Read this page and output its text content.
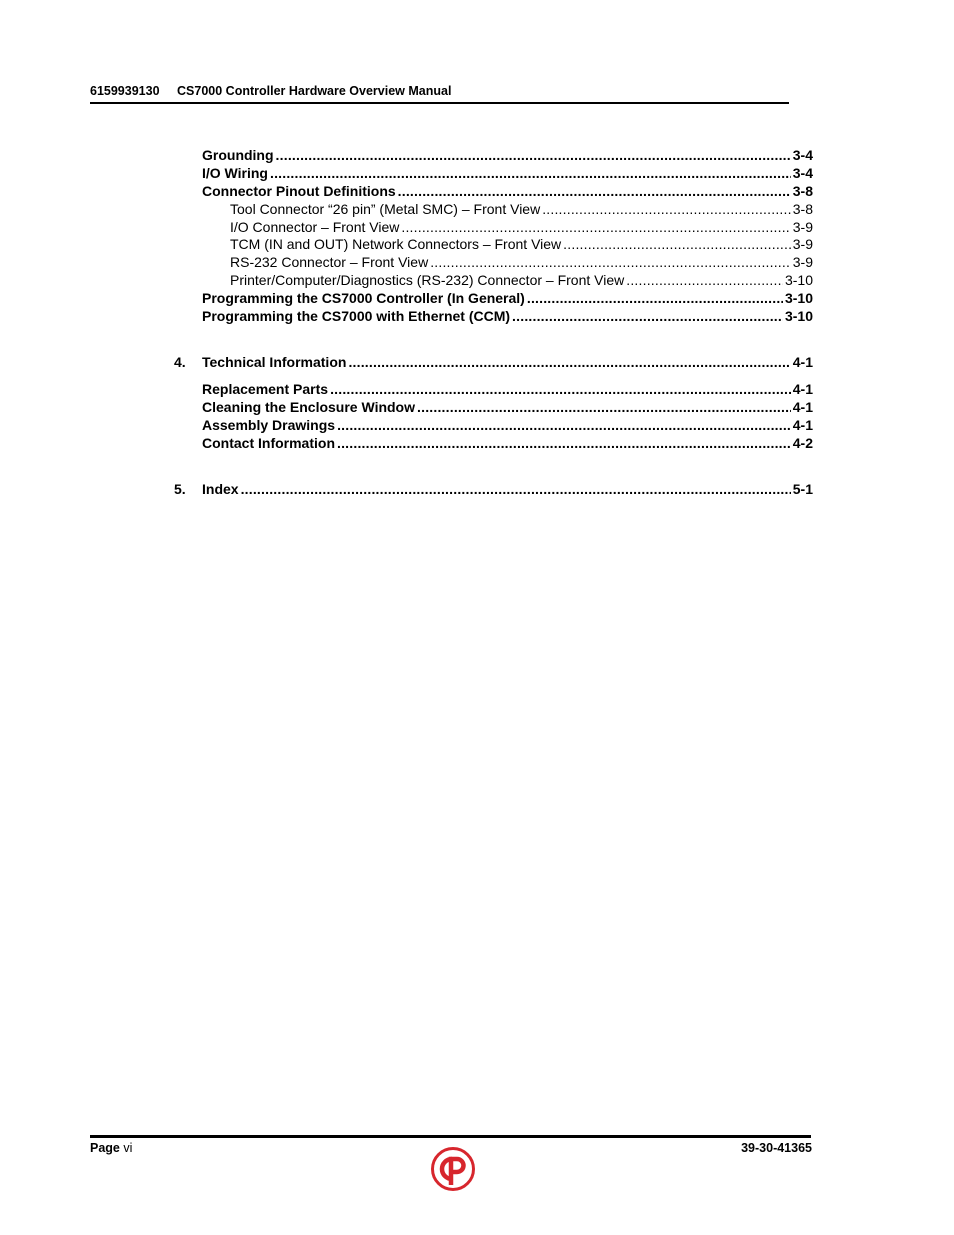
6159939130 CS7000 Controller Hardware Overview Manual
Grounding .....	3-4
I/O Wiring .....	3-4
Connector Pinout Definitions .....	3-8
Tool Connector “26 pin” (Metal SMC) – Front View .....	3-8
I/O Connector – Front View .....	3-9
TCM (IN and OUT) Network Connectors – Front View .....	3-9
RS-232 Connector – Front View .....	3-9
Printer/Computer/Diagnostics (RS-232) Connector – Front View .....	3-10
Programming the CS7000 Controller (In General) .....	3-10
Programming the CS7000 with Ethernet (CCM) .....	3-10
4.	Technical Information .....	4-1
Replacement Parts .....	4-1
Cleaning the Enclosure Window .....	4-1
Assembly Drawings .....	4-1
Contact Information .....	4-2
5.	Index .....	5-1
Page vi	39-30-41365
